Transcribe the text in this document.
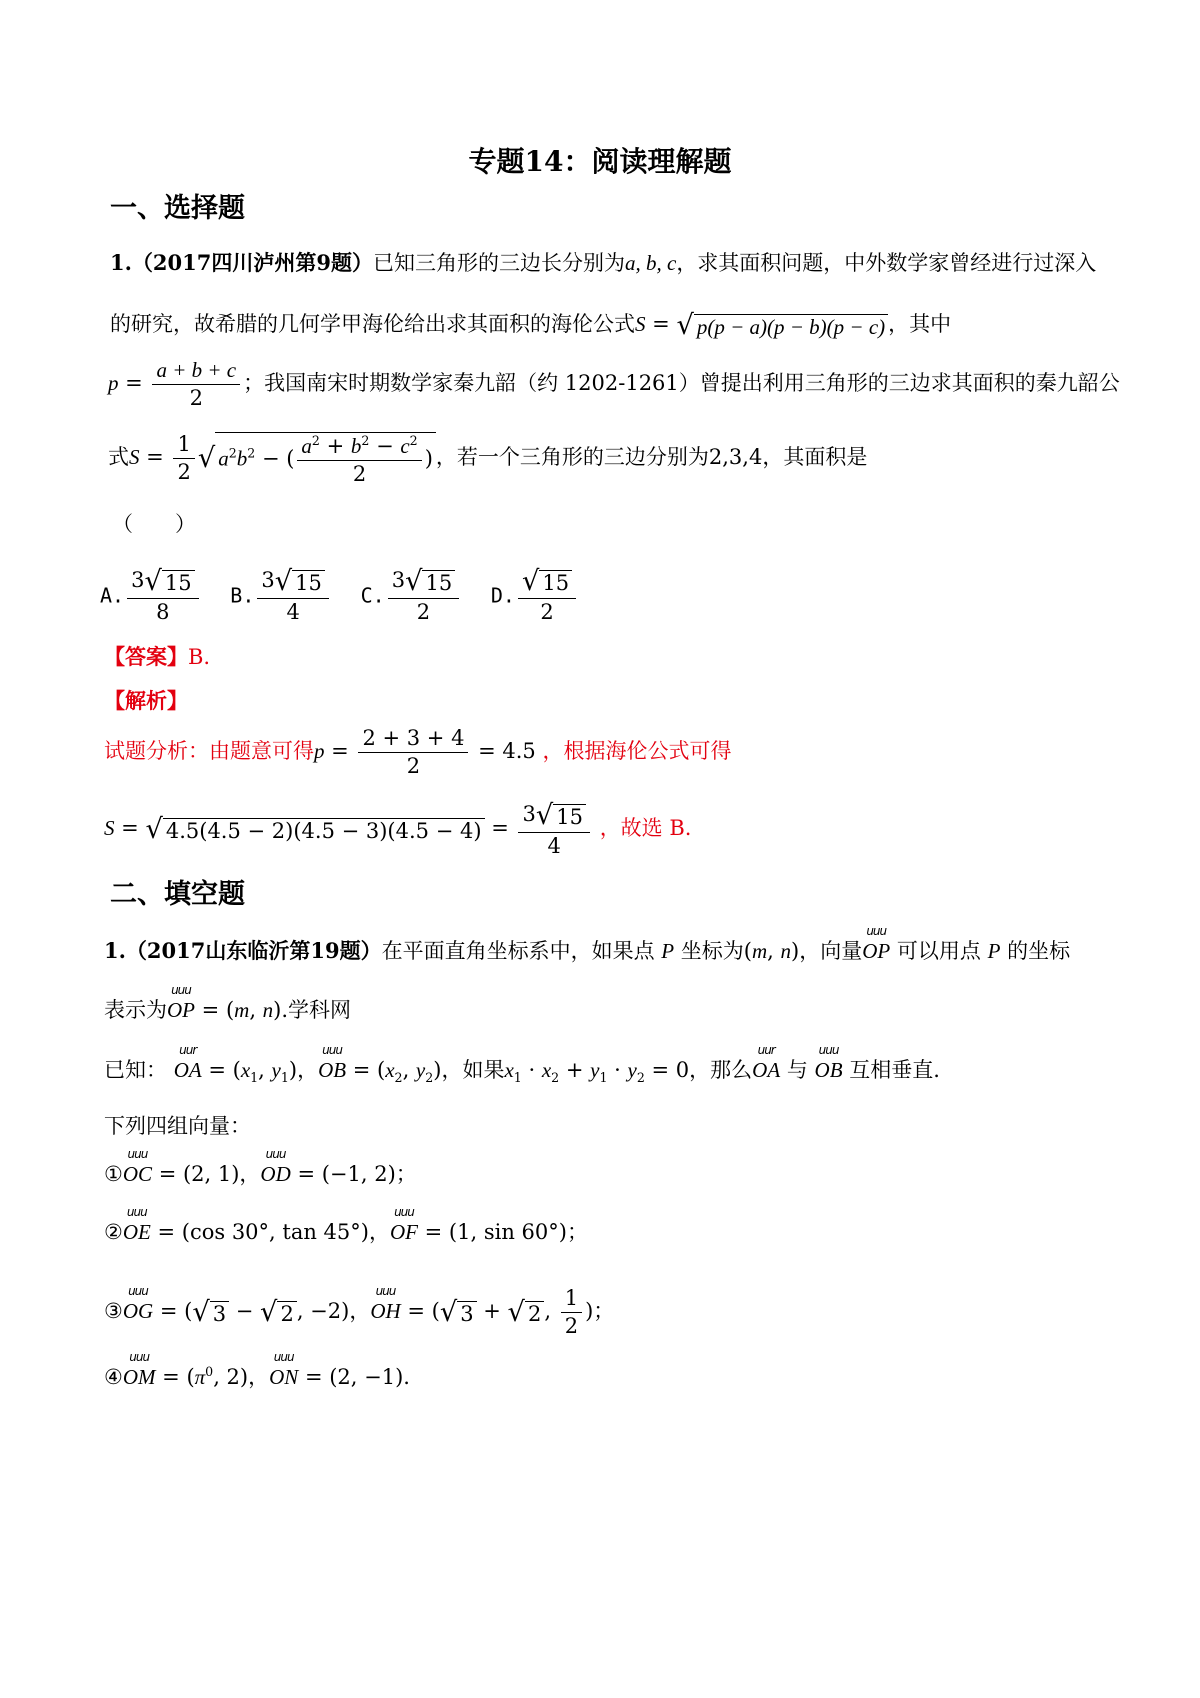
专题14：阅读理解题
一、选择题
1.（2017四川泸州第9题）已知三角形的三边长分别为a, b, c，求其面积问题，中外数学家曾经进行过深入
的研究，故希腊的几何学甲海伦给出求其面积的海伦公式S = √ p(p − a)(p − b)(p − c) ，其中
$p = \frac{a + b + c}{2}$ ；我国南宋时期数学家秦九韶（约 1202-1261）曾提出利用三角形的三边求其面积的秦九韶公
式$S = \frac{1}{2}$ √ $a^2b^2$ − ( $\frac{a^2 + b^2 - c^2}{2}$ ) ，若一个三角形的三边分别为2,3,4，其面积是
（　　）
A. $\frac{3√ 15}{8} B$. $\frac{3√ 15}{4} C$. $\frac{3√ 15}{2} D$. $\frac{√ 15}{2}$
【答案】B.
【解析】
试题分析：由题意可得$p = \frac{2 + 3 + 4}{2} = 4.5$ ，根据海伦公式可得
S = √ $4.5(4.5 - 2)(4.5 - 3)(4.5 - 4) = \frac{3√ 15}{4}$ ，故选 B.
二、填空题
1.（2017山东临沂第19题）在平面直角坐标系中，如果点 P 坐标为(m, n)，向量
uuu
OP 可以用点 P 的坐标
表示为
uuu
OP = (m, n).学科网
已知：
uur
OA = ($x_1$, $y_1$)，
uuu
OB = ($x_2$, $y_2$)，如果$x_1 \cdot x_2 + y_1 \cdot y_2 = 0$，那么
uur
OA 与
uuu
OB 互相垂直.
下列四组向量：
①
uuu
OC = (2, 1)，
uuu
OD = (−1, 2)；
②
uuu
OE = (cos 30°, tan 45°)，
uuu
OF = (1, sin 60°)；
③
uuu
OG = (√ 3 − √ 2 , −2)，
uuu
OH = (√ 3 + √ 2 , $\frac{1}{2}$ )；
④
uuu
OM = ($\pi^0$, 2)，
uuu
ON = (2, −1).
